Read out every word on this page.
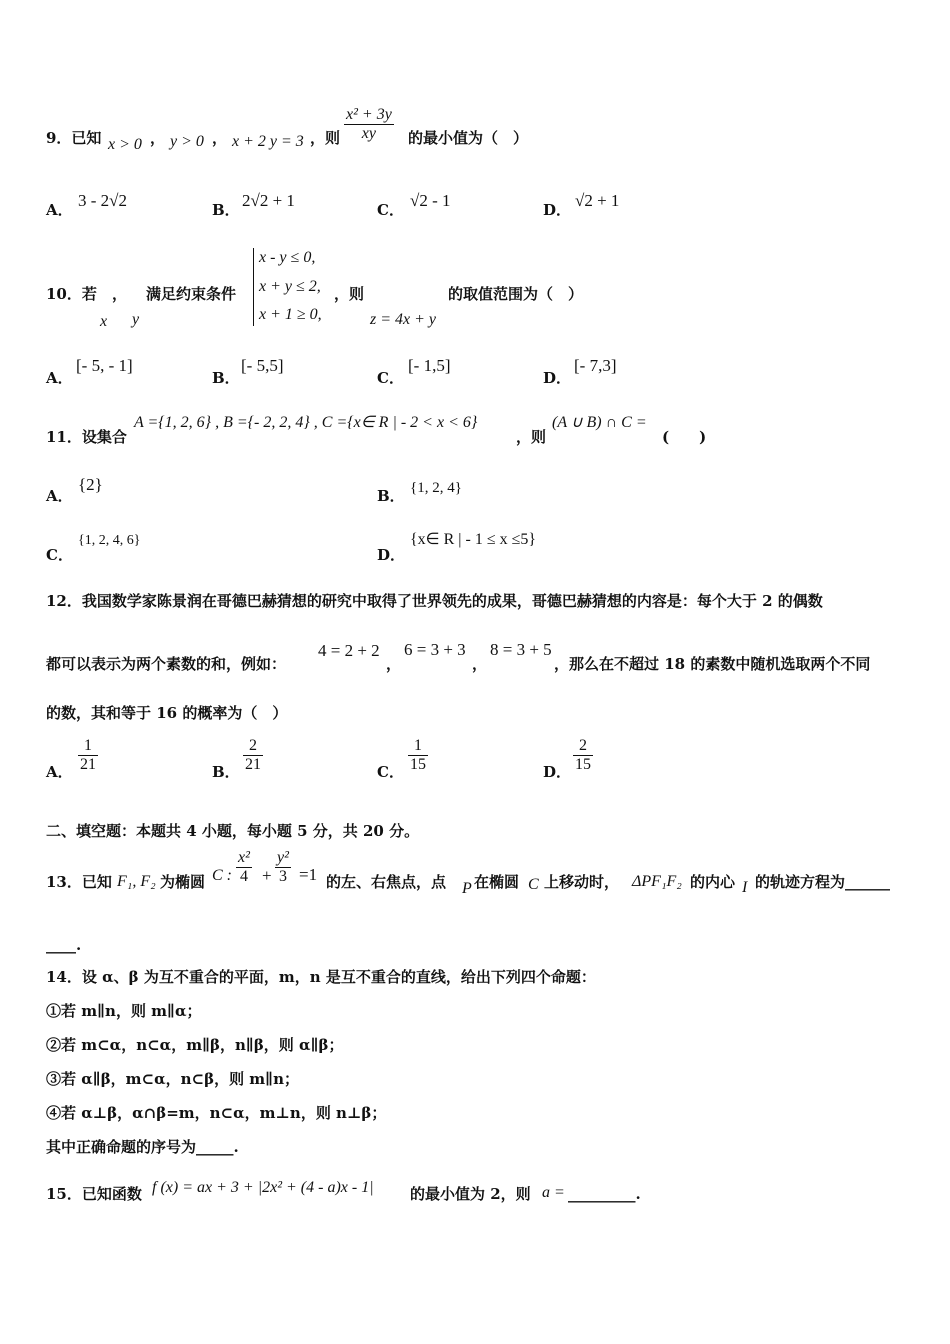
9．已知 x > 0 ， y > 0 ， x + 2 y = 3 ，则
x² + 3y
xy 的最小值为（　）
A． 3 - 2√2	B． 2√2 + 1	C． √2 - 1	D． √2 + 1
10．若 ，
x y
满足约束条件
x - y ≤ 0,
x + y ≤ 2,
x + 1 ≥ 0,
，则
z = 4x + y
的取值范围为（　）
A．
[- 5, - 1]
B．
[- 5,5]
C．
[- 1,5]
D．
[- 7,3]
11．设集合
A ={1, 2, 6} , B ={- 2, 2, 4} , C ={x∈ R | - 2 < x < 6}
，则
(A ∪ B) ∩ C =
(　　)
A．
{2}
B． {1, 2, 4}
C．
{1, 2, 4, 6}
D．
{x∈ R | - 1 ≤ x ≤5}
12．我国数学家陈景润在哥德巴赫猜想的研究中取得了世界领先的成果，哥德巴赫猜想的内容是：每个大于 2 的偶数
都可以表示为两个素数的和，例如：
4 = 2 + 2
，
6 = 3 + 3
，
8 = 3 + 5
，那么在不超过 18 的素数中随机选取两个不同
的数，其和等于 16 的概率为（　）
A．
1
21	B．
2
21	C．
1
15	D．
2
15
二、填空题：本题共 4 小题，每小题 5 分，共 20 分。
13．已知 F₁, F₂ 为椭圆 C :
x²
4 +
y²
3 =1 的左、右焦点，点 P 在椭圆 C 上移动时， ΔPF₁F₂ 的内心 I 的轨迹方程为______
____.
14．设 α、β 为互不重合的平面，m，n 是互不重合的直线，给出下列四个命题：
①若 m∥n，则 m∥α；
②若 m⊂α，n⊂α，m∥β，n∥β，则 α∥β；
③若 α∥β，m⊂α，n⊂β，则 m∥n；
④若 α⊥β，α∩β=m，n⊂α，m⊥n，则 n⊥β；
其中正确命题的序号为_____.
15．已知函数 f (x) = ax + 3 + |2x² + (4 - a)x - 1| 的最小值为 2，则 a = _________.
